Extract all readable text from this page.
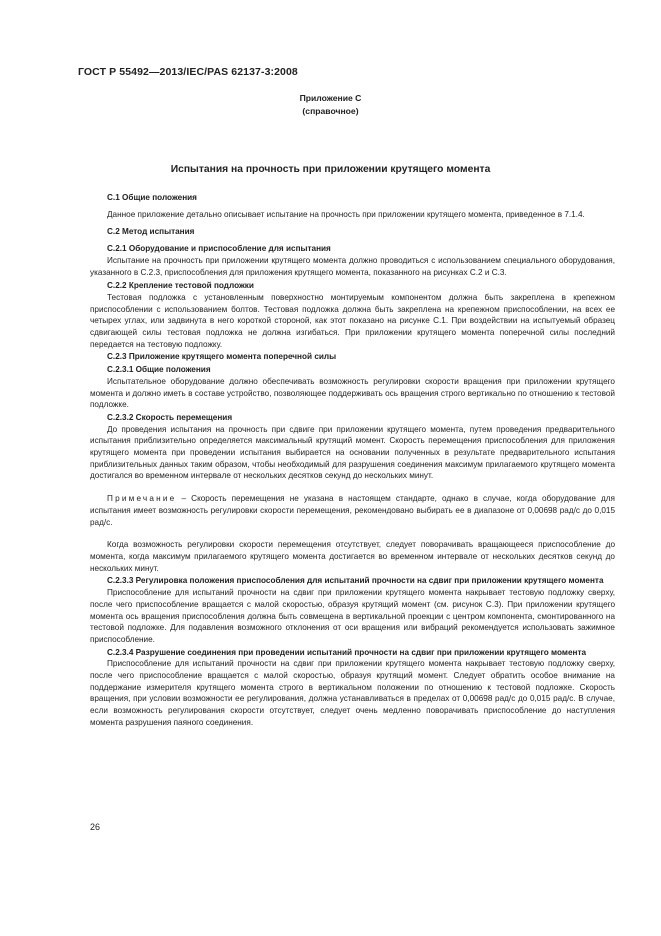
ГОСТ Р 55492—2013/IEC/PAS 62137-3:2008
Приложение С
(справочное)
Испытания на прочность при приложении крутящего момента

С.1 Общие положения

Данное приложение детально описывает испытание на прочность при приложении крутящего момента, приведенное в 7.1.4.

С.2 Метод испытания

С.2.1 Оборудование и приспособление для испытания

Испытание на прочность при приложении крутящего момента должно проводиться с использованием специального оборудования, указанного в С.2.3, приспособления для приложения крутящего момента, показанного на рисунках С.2 и С.3.

С.2.2 Крепление тестовой подложки

Тестовая подложка с установленным поверхностно монтируемым компонентом должна быть закреплена в крепежном приспособлении с использованием болтов. Тестовая подложка должна быть закреплена на крепежном приспособлении, на всех ее четырех углах, или задвинута в него короткой стороной, как этот показано на рисунке С.1. При воздействии на испытуемый образец сдвигающей силы тестовая подложка не должна изгибаться. При приложении крутящего момента поперечной силы последний передается на тестовую подложку.

С.2.3 Приложение крутящего момента поперечной силы

С.2.3.1 Общие положения

Испытательное оборудование должно обеспечивать возможность регулировки скорости вращения при приложении крутящего момента и должно иметь в составе устройство, позволяющее поддерживать ось вращения строго вертикально по отношению к тестовой подложке.

С.2.3.2 Скорость перемещения

До проведения испытания на прочность при сдвиге при приложении крутящего момента, путем проведения предварительного испытания приблизительно определяется максимальный крутящий момент. Скорость перемещения приспособления для приложения крутящего момента при проведении испытания выбирается на основании полученных в результате предварительного испытания приблизительных данных таким образом, чтобы необходимый для разрушения соединения максимум прилагаемого крутящего момента достигался во временном интервале от нескольких десятков секунд до нескольких минут.

Примечание – Скорость перемещения не указана в настоящем стандарте, однако в случае, когда оборудование для испытания имеет возможность регулировки скорости перемещения, рекомендовано выбирать ее в диапазоне от 0,00698 рад/с до 0,015 рад/с.

Когда возможность регулировки скорости перемещения отсутствует, следует поворачивать вращающееся приспособление до момента, когда максимум прилагаемого крутящего момента достигается во временном интервале от нескольких десятков секунд до нескольких минут.

С.2.3.3 Регулировка положения приспособления для испытаний прочности на сдвиг при приложении крутящего момента

Приспособление для испытаний прочности на сдвиг при приложении крутящего момента накрывает тестовую подложку сверху, после чего приспособление вращается с малой скоростью, образуя крутящий момент (см. рисунок С.3). При приложении крутящего момента ось вращения приспособления должна быть совмещена в вертикальной проекции с центром компонента, смонтированного на тестовой подложке. Для подавления возможного отклонения от оси вращения или вибраций рекомендуется использовать зажимное приспособление.

С.2.3.4 Разрушение соединения при проведении испытаний прочности на сдвиг при приложении крутящего момента

Приспособление для испытаний прочности на сдвиг при приложении крутящего момента накрывает тестовую подложку сверху, после чего приспособление вращается с малой скоростью, образуя крутящий момент. Следует обратить особое внимание на поддержание измерителя крутящего момента строго в вертикальном положении по отношению к тестовой подложке. Скорость вращения, при условии возможности ее регулирования, должна устанавливаться в пределах от 0,00698 рад/с до 0,015 рад/с. В случае, если возможность регулирования скорости отсутствует, следует очень медленно поворачивать приспособление до наступления момента разрушения паяного соединения.

26
